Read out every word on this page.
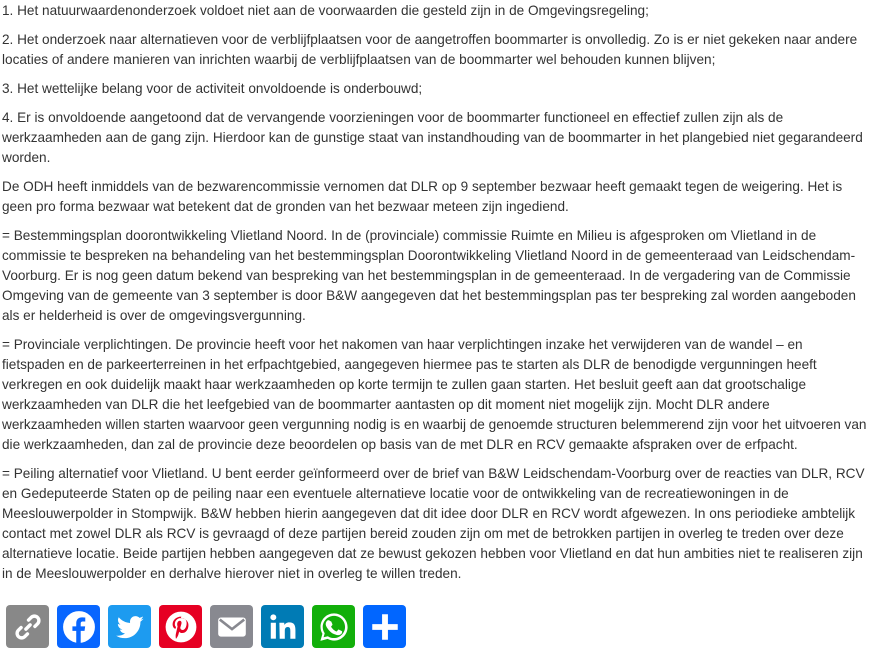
1. Het natuurwaardenonderzoek voldoet niet aan de voorwaarden die gesteld zijn in de Omgevingsregeling;

2. Het onderzoek naar alternatieven voor de verblijfplaatsen voor de aangetroffen boommarter is onvolledig. Zo is er niet gekeken naar andere locaties of andere manieren van inrichten waarbij de verblijfplaatsen van de boommarter wel behouden kunnen blijven;

3. Het wettelijke belang voor de activiteit onvoldoende is onderbouwd;

4. Er is onvoldoende aangetoond dat de vervangende voorzieningen voor de boommarter functioneel en effectief zullen zijn als de werkzaamheden aan de gang zijn. Hierdoor kan de gunstige staat van instandhouding van de boommarter in het plangebied niet gegarandeerd worden.

De ODH heeft inmiddels van de bezwarencommissie vernomen dat DLR op 9 september bezwaar heeft gemaakt tegen de weigering. Het is geen pro forma bezwaar wat betekent dat de gronden van het bezwaar meteen zijn ingediend.

= Bestemmingsplan doorontwikkeling Vlietland Noord. In de (provinciale) commissie Ruimte en Milieu is afgesproken om Vlietland in de commissie te bespreken na behandeling van het bestemmingsplan Doorontwikkeling Vlietland Noord in de gemeenteraad van Leidschendam-Voorburg. Er is nog geen datum bekend van bespreking van het bestemmingsplan in de gemeenteraad. In de vergadering van de Commissie Omgeving van de gemeente van 3 september is door B&W aangegeven dat het bestemmingsplan pas ter bespreking zal worden aangeboden als er helderheid is over de omgevingsvergunning.

= Provinciale verplichtingen. De provincie heeft voor het nakomen van haar verplichtingen inzake het verwijderen van de wandel – en fietspaden en de parkeerterreinen in het erfpachtgebied, aangegeven hiermee pas te starten als DLR de benodigde vergunningen heeft verkregen en ook duidelijk maakt haar werkzaamheden op korte termijn te zullen gaan starten. Het besluit geeft aan dat grootschalige werkzaamheden van DLR die het leefgebied van de boommarter aantasten op dit moment niet mogelijk zijn. Mocht DLR andere werkzaamheden willen starten waarvoor geen vergunning nodig is en waarbij de genoemde structuren belemmerend zijn voor het uitvoeren van die werkzaamheden, dan zal de provincie deze beoordelen op basis van de met DLR en RCV gemaakte afspraken over de erfpacht.

= Peiling alternatief voor Vlietland. U bent eerder geïnformeerd over de brief van B&W Leidschendam-Voorburg over de reacties van DLR, RCV en Gedeputeerde Staten op de peiling naar een eventuele alternatieve locatie voor de ontwikkeling van de recreatiewoningen in de Meeslouwerpolder in Stompwijk. B&W hebben hierin aangegeven dat dit idee door DLR en RCV wordt afgewezen. In ons periodieke ambtelijk contact met zowel DLR als RCV is gevraagd of deze partijen bereid zouden zijn om met de betrokken partijen in overleg te treden over deze alternatieve locatie. Beide partijen hebben aangegeven dat ze bewust gekozen hebben voor Vlietland en dat hun ambities niet te realiseren zijn in de Meeslouwerpolder en derhalve hierover niet in overleg te willen treden.
